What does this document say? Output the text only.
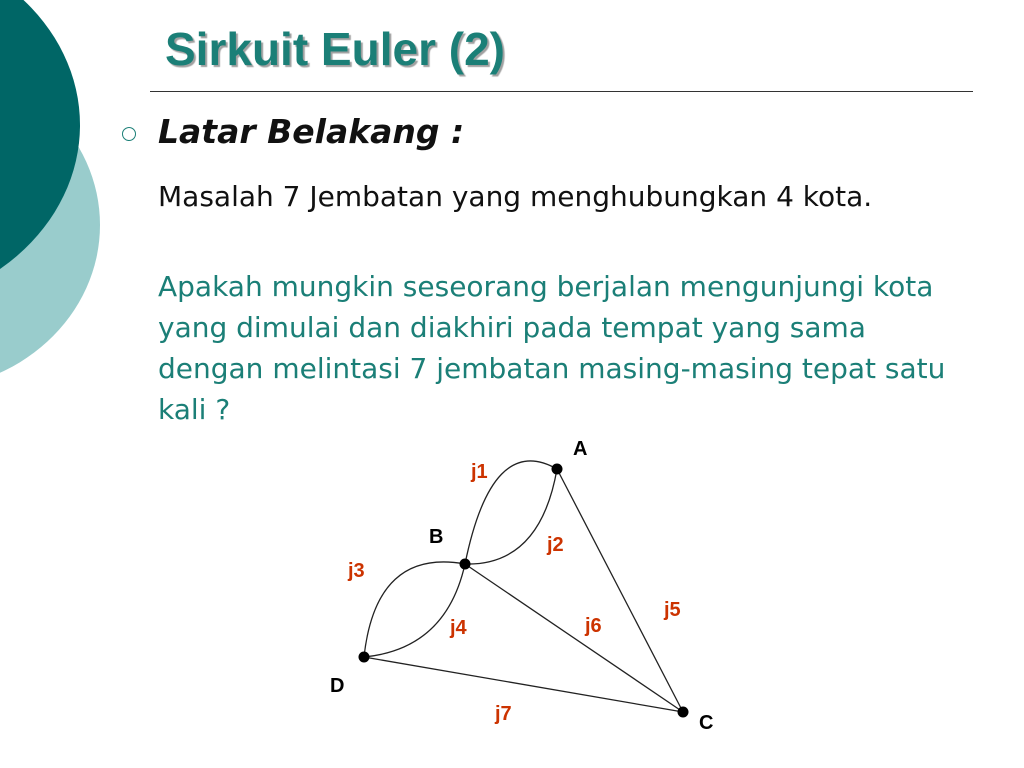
Sirkuit Euler (2)
Latar Belakang :

Masalah 7 Jembatan yang menghubungkan 4 kota.

Apakah mungkin seseorang berjalan mengunjungi kota yang dimulai dan diakhiri pada tempat yang sama dengan melintasi 7 jembatan masing-masing tepat satu kali ?

A
B
D
C
j1
j2
j3
j4
j5
j6
j7
